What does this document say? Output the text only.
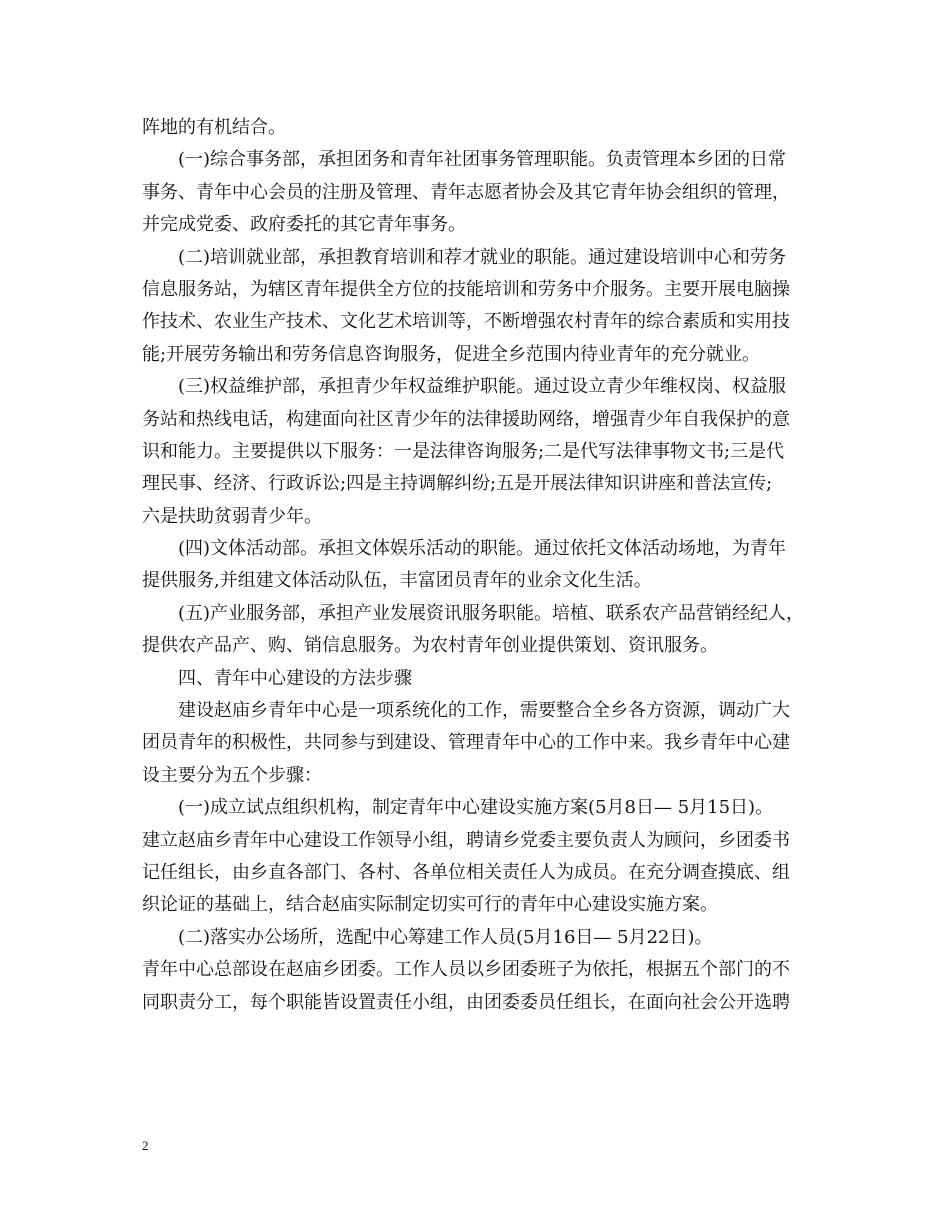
阵地的有机结合。
(一)综合事务部，承担团务和青年社团事务管理职能。负责管理本乡团的日常
事务、青年中心会员的注册及管理、青年志愿者协会及其它青年协会组织的管理，
并完成党委、政府委托的其它青年事务。
(二)培训就业部，承担教育培训和荐才就业的职能。通过建设培训中心和劳务
信息服务站，为辖区青年提供全方位的技能培训和劳务中介服务。主要开展电脑操
作技术、农业生产技术、文化艺术培训等，不断增强农村青年的综合素质和实用技
能;开展劳务输出和劳务信息咨询服务，促进全乡范围内待业青年的充分就业。
(三)权益维护部，承担青少年权益维护职能。通过设立青少年维权岗、权益服
务站和热线电话，构建面向社区青少年的法律援助网络，增强青少年自我保护的意
识和能力。主要提供以下服务：一是法律咨询服务;二是代写法律事物文书;三是代
理民事、经济、行政诉讼;四是主持调解纠纷;五是开展法律知识讲座和普法宣传;
六是扶助贫弱青少年。
(四)文体活动部。承担文体娱乐活动的职能。通过依托文体活动场地，为青年
提供服务,并组建文体活动队伍，丰富团员青年的业余文化生活。
(五)产业服务部，承担产业发展资讯服务职能。培植、联系农产品营销经纪人，
提供农产品产、购、销信息服务。为农村青年创业提供策划、资讯服务。
四、青年中心建设的方法步骤
建设赵庙乡青年中心是一项系统化的工作，需要整合全乡各方资源，调动广大
团员青年的积极性，共同参与到建设、管理青年中心的工作中来。我乡青年中心建
设主要分为五个步骤：
(一)成立试点组织机构，制定青年中心建设实施方案(5月8日— 5月15日)。
建立赵庙乡青年中心建设工作领导小组，聘请乡党委主要负责人为顾问，乡团委书
记任组长，由乡直各部门、各村、各单位相关责任人为成员。在充分调查摸底、组
织论证的基础上，结合赵庙实际制定切实可行的青年中心建设实施方案。
(二)落实办公场所，选配中心筹建工作人员(5月16日— 5月22日)。
青年中心总部设在赵庙乡团委。工作人员以乡团委班子为依托，根据五个部门的不
同职责分工，每个职能皆设置责任小组，由团委委员任组长，在面向社会公开选聘
2
